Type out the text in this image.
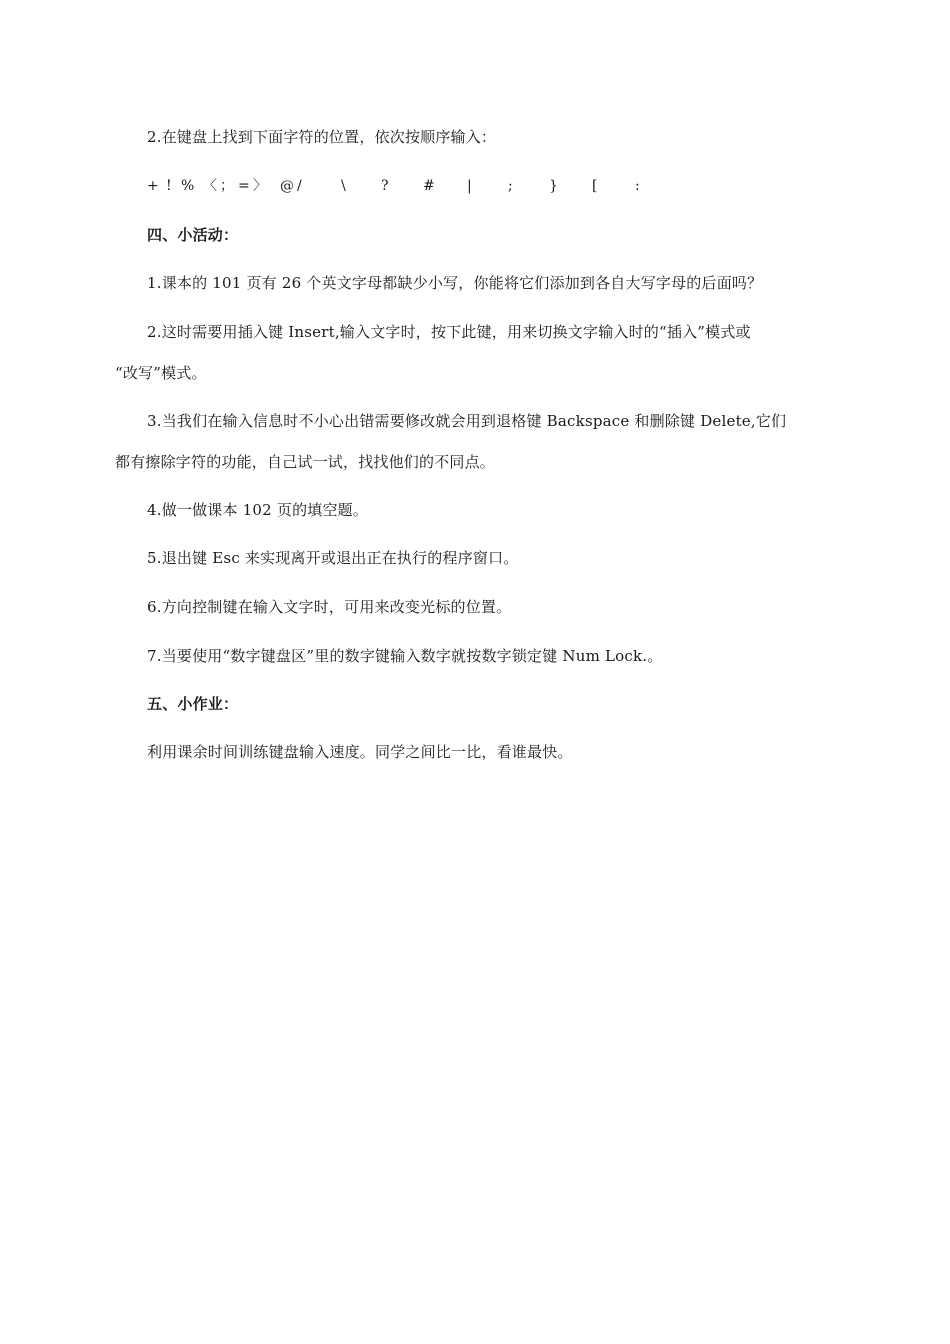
2.在键盘上找到下面字符的位置，依次按顺序输入：
+ ! % 〈 ； = 〉 @ /	\	? # |	;	} [	:
四、小活动：
1.课本的 101 页有 26 个英文字母都缺少小写，你能将它们添加到各自大写字母的后面吗？
2.这时需要用插入键 Insert,输入文字时，按下此键，用来切换文字输入时的“插入”模式或
“改写”模式。
3.当我们在输入信息时不小心出错需要修改就会用到退格键 Backspace 和删除键 Delete,它们
都有擦除字符的功能，自己试一试，找找他们的不同点。
4.做一做课本 102 页的填空题。
5.退出键 Esc 来实现离开或退出正在执行的程序窗口。
6.方向控制键在输入文字时，可用来改变光标的位置。
7.当要使用“数字键盘区”里的数字键输入数字就按数字锁定键 Num Lock.。
五、小作业：
利用课余时间训练键盘输入速度。同学之间比一比，看谁最快。
